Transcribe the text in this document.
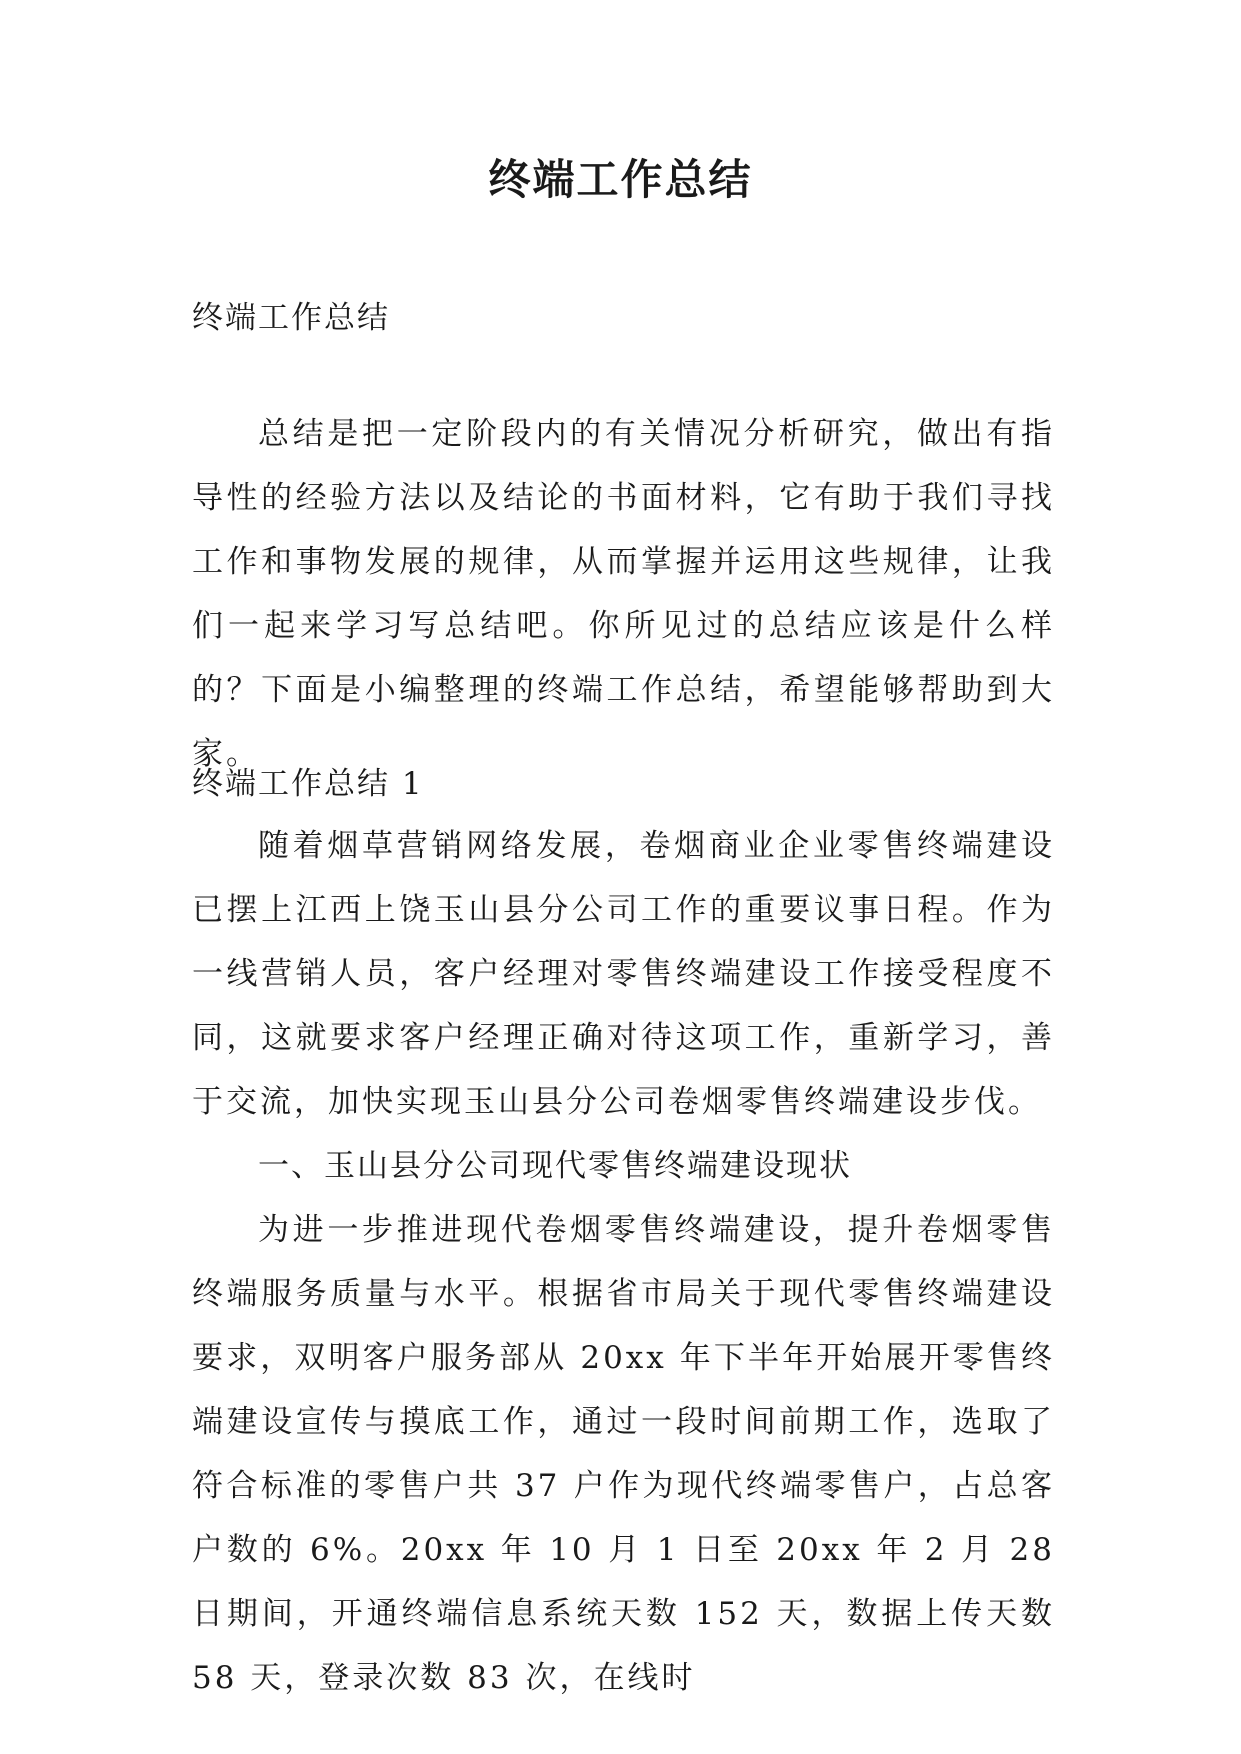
终端工作总结

终端工作总结

总结是把一定阶段内的有关情况分析研究，做出有指导性的经验方法以及结论的书面材料，它有助于我们寻找工作和事物发展的规律，从而掌握并运用这些规律，让我们一起来学习写总结吧。你所见过的总结应该是什么样的？下面是小编整理的终端工作总结，希望能够帮助到大家。

终端工作总结 1

随着烟草营销网络发展，卷烟商业企业零售终端建设已摆上江西上饶玉山县分公司工作的重要议事日程。作为一线营销人员，客户经理对零售终端建设工作接受程度不同，这就要求客户经理正确对待这项工作，重新学习，善于交流，加快实现玉山县分公司卷烟零售终端建设步伐。

一、玉山县分公司现代零售终端建设现状

为进一步推进现代卷烟零售终端建设，提升卷烟零售终端服务质量与水平。根据省市局关于现代零售终端建设要求，双明客户服务部从 20xx 年下半年开始展开零售终端建设宣传与摸底工作，通过一段时间前期工作，选取了符合标准的零售户共 37 户作为现代终端零售户，占总客户数的 6%。20xx 年 10 月 1 日至 20xx 年 2 月 28 日期间，开通终端信息系统天数 152 天，数据上传天数 58 天，登录次数 83 次，在线时
